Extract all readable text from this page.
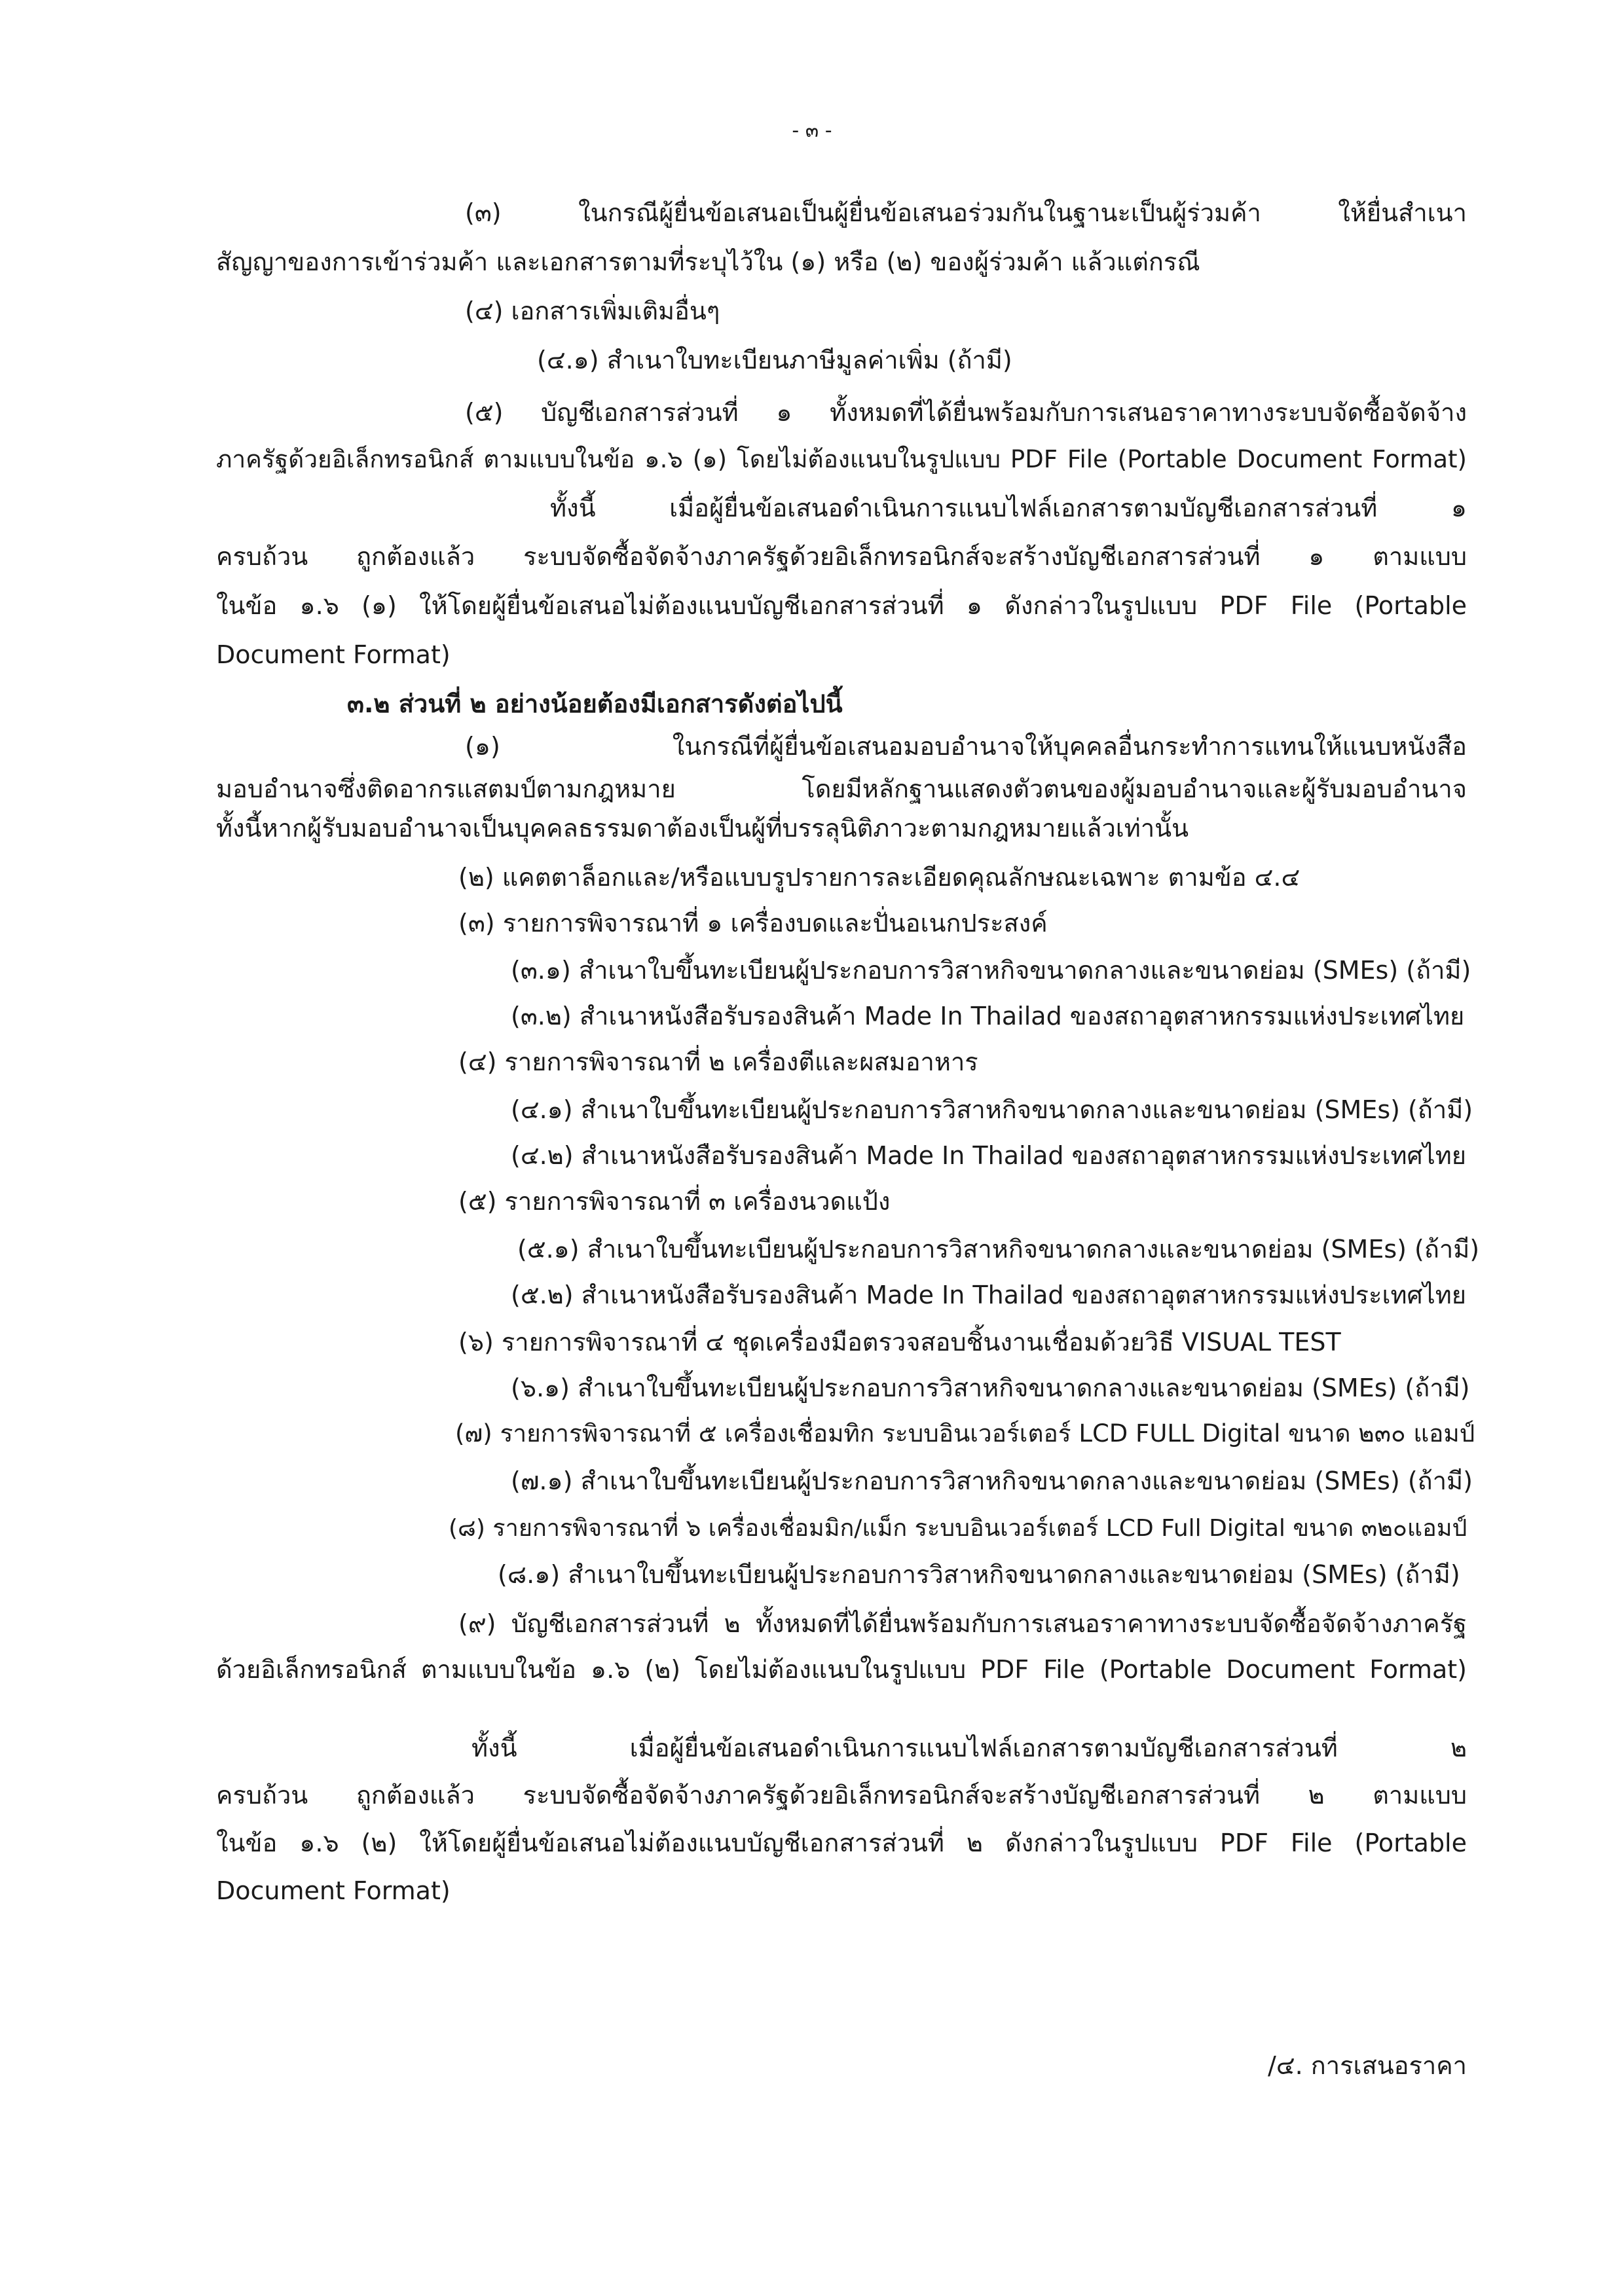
- ๓ -

(๓) ในกรณีผู้ยื่นข้อเสนอเป็นผู้ยื่นข้อเสนอร่วมกันในฐานะเป็นผู้ร่วมค้า ให้ยื่นสำเนา

สัญญาของการเข้าร่วมค้า และเอกสารตามที่ระบุไว้ใน (๑) หรือ (๒) ของผู้ร่วมค้า แล้วแต่กรณี

(๔) เอกสารเพิ่มเติมอื่นๆ

(๔.๑) สำเนาใบทะเบียนภาษีมูลค่าเพิ่ม (ถ้ามี)

(๕) บัญชีเอกสารส่วนที่ ๑ ทั้งหมดที่ได้ยื่นพร้อมกับการเสนอราคาทางระบบจัดซื้อจัดจ้าง

ภาครัฐด้วยอิเล็กทรอนิกส์ ตามแบบในข้อ ๑.๖ (๑) โดยไม่ต้องแนบในรูปแบบ PDF File (Portable Document Format)

ทั้งนี้ เมื่อผู้ยื่นข้อเสนอดำเนินการแนบไฟล์เอกสารตามบัญชีเอกสารส่วนที่ ๑

ครบถ้วน ถูกต้องแล้ว ระบบจัดซื้อจัดจ้างภาครัฐด้วยอิเล็กทรอนิกส์จะสร้างบัญชีเอกสารส่วนที่ ๑ ตามแบบ

ในข้อ ๑.๖ (๑) ให้โดยผู้ยื่นข้อเสนอไม่ต้องแนบบัญชีเอกสารส่วนที่ ๑ ดังกล่าวในรูปแบบ PDF File (Portable

Document Format)

๓.๒ ส่วนที่ ๒ อย่างน้อยต้องมีเอกสารดังต่อไปนี้

(๑) ในกรณีที่ผู้ยื่นข้อเสนอมอบอำนาจให้บุคคลอื่นกระทำการแทนให้แนบหนังสือ

มอบอำนาจซึ่งติดอากรแสตมป์ตามกฎหมาย โดยมีหลักฐานแสดงตัวตนของผู้มอบอำนาจและผู้รับมอบอำนาจ

ทั้งนี้หากผู้รับมอบอำนาจเป็นบุคคลธรรมดาต้องเป็นผู้ที่บรรลุนิติภาวะตามกฎหมายแล้วเท่านั้น

(๒) แคตตาล็อกและ/หรือแบบรูปรายการละเอียดคุณลักษณะเฉพาะ ตามข้อ ๔.๔

(๓) รายการพิจารณาที่ ๑ เครื่องบดและปั่นอเนกประสงค์

(๓.๑) สำเนาใบขึ้นทะเบียนผู้ประกอบการวิสาหกิจขนาดกลางและขนาดย่อม (SMEs) (ถ้ามี)

(๓.๒) สำเนาหนังสือรับรองสินค้า Made In Thailad ของสถาอุตสาหกรรมแห่งประเทศไทย

(๔) รายการพิจารณาที่ ๒ เครื่องตีและผสมอาหาร

(๔.๑) สำเนาใบขึ้นทะเบียนผู้ประกอบการวิสาหกิจขนาดกลางและขนาดย่อม (SMEs) (ถ้ามี)

(๔.๒) สำเนาหนังสือรับรองสินค้า Made In Thailad ของสถาอุตสาหกรรมแห่งประเทศไทย

(๕) รายการพิจารณาที่ ๓ เครื่องนวดแป้ง

(๕.๑) สำเนาใบขึ้นทะเบียนผู้ประกอบการวิสาหกิจขนาดกลางและขนาดย่อม (SMEs) (ถ้ามี)

(๕.๒) สำเนาหนังสือรับรองสินค้า Made In Thailad ของสถาอุตสาหกรรมแห่งประเทศไทย

(๖) รายการพิจารณาที่ ๔ ชุดเครื่องมือตรวจสอบชิ้นงานเชื่อมด้วยวิธี VISUAL TEST

(๖.๑) สำเนาใบขึ้นทะเบียนผู้ประกอบการวิสาหกิจขนาดกลางและขนาดย่อม (SMEs) (ถ้ามี)

(๗) รายการพิจารณาที่ ๕ เครื่องเชื่อมทิก ระบบอินเวอร์เตอร์ LCD FULL Digital ขนาด ๒๓๐ แอมป์

(๗.๑) สำเนาใบขึ้นทะเบียนผู้ประกอบการวิสาหกิจขนาดกลางและขนาดย่อม (SMEs) (ถ้ามี)

(๘) รายการพิจารณาที่ ๖ เครื่องเชื่อมมิก/แม็ก ระบบอินเวอร์เตอร์ LCD Full Digital ขนาด ๓๒๐แอมป์

(๘.๑) สำเนาใบขึ้นทะเบียนผู้ประกอบการวิสาหกิจขนาดกลางและขนาดย่อม (SMEs) (ถ้ามี)

(๙) บัญชีเอกสารส่วนที่ ๒ ทั้งหมดที่ได้ยื่นพร้อมกับการเสนอราคาทางระบบจัดซื้อจัดจ้างภาครัฐ

ด้วยอิเล็กทรอนิกส์ ตามแบบในข้อ ๑.๖ (๒) โดยไม่ต้องแนบในรูปแบบ PDF File (Portable Document Format)

ทั้งนี้ เมื่อผู้ยื่นข้อเสนอดำเนินการแนบไฟล์เอกสารตามบัญชีเอกสารส่วนที่ ๒

ครบถ้วน ถูกต้องแล้ว ระบบจัดซื้อจัดจ้างภาครัฐด้วยอิเล็กทรอนิกส์จะสร้างบัญชีเอกสารส่วนที่ ๒ ตามแบบ

ในข้อ ๑.๖ (๒) ให้โดยผู้ยื่นข้อเสนอไม่ต้องแนบบัญชีเอกสารส่วนที่ ๒ ดังกล่าวในรูปแบบ PDF File (Portable

Document Format)

/๔. การเสนอราคา
